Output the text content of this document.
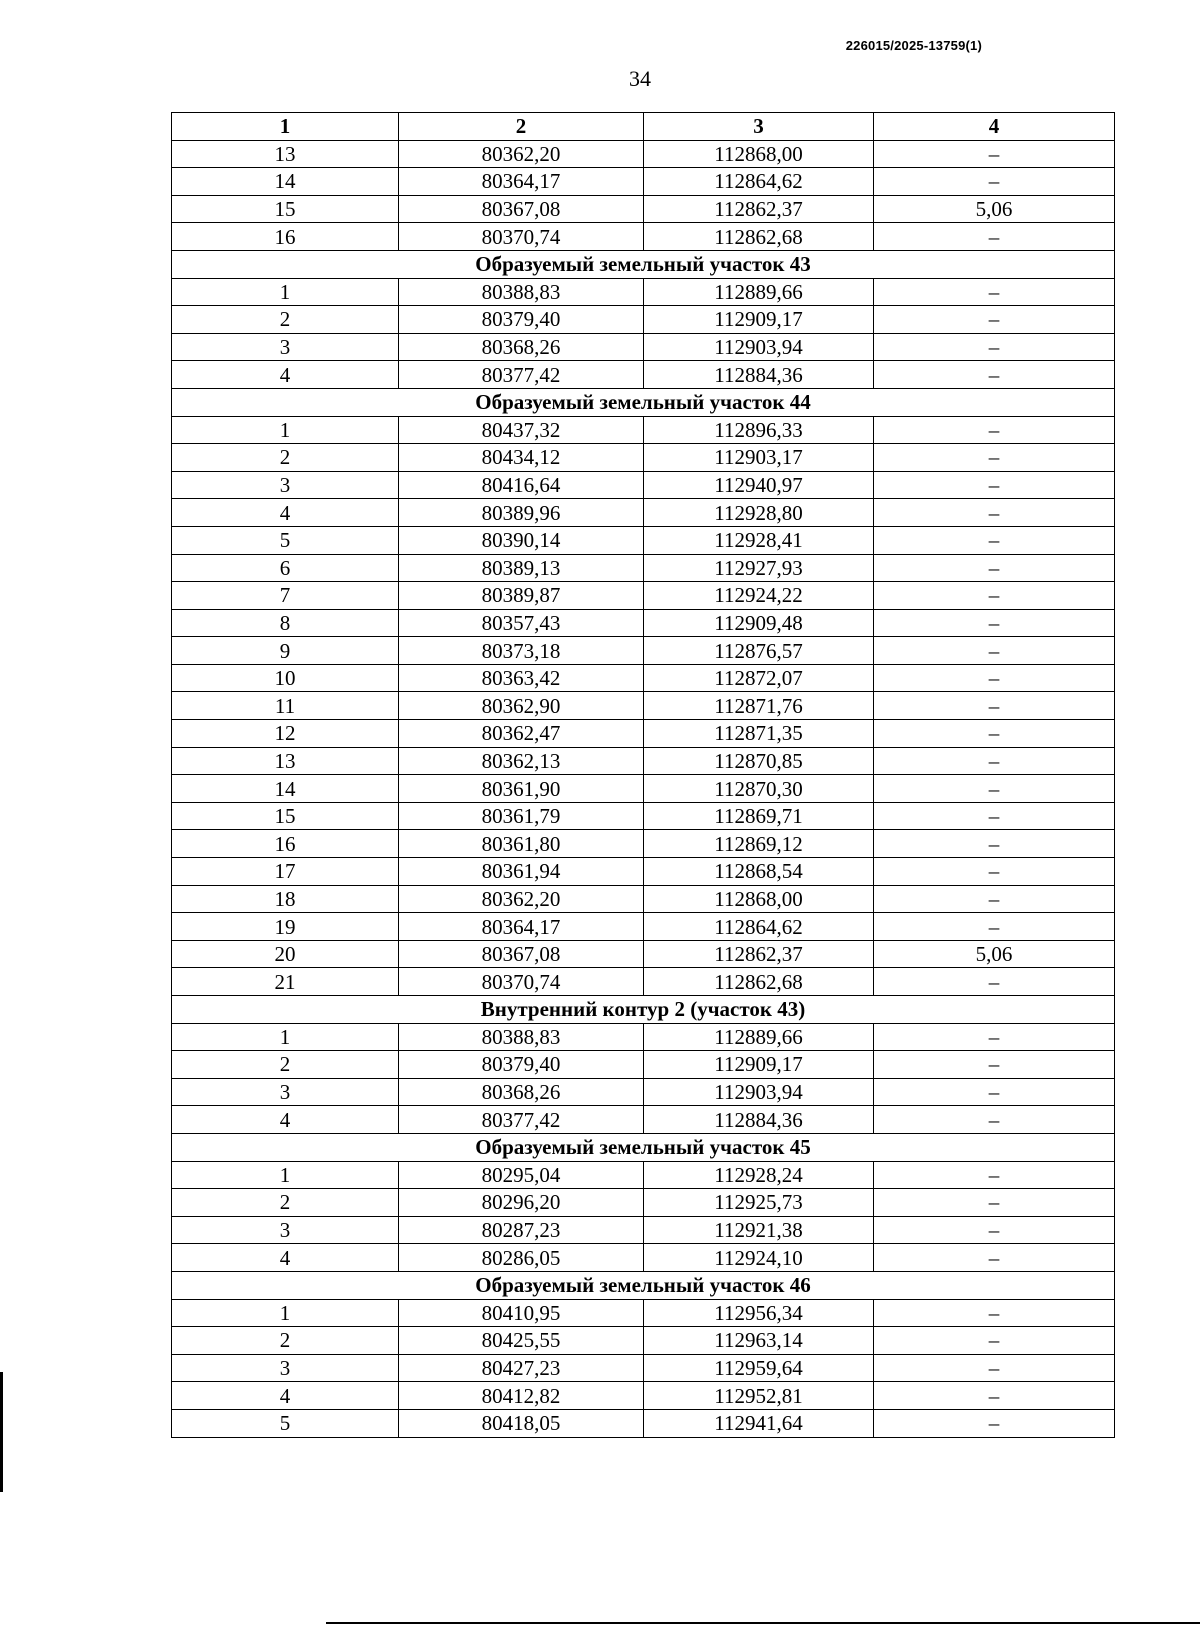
226015/2025-13759(1)
34
1	2	3	4
13	80362,20	112868,00	–
14	80364,17	112864,62	–
15	80367,08	112862,37	5,06
16	80370,74	112862,68	–
Образуемый земельный участок 43			
1	80388,83	112889,66	–
2	80379,40	112909,17	–
3	80368,26	112903,94	–
4	80377,42	112884,36	–
Образуемый земельный участок 44			
1	80437,32	112896,33	–
2	80434,12	112903,17	–
3	80416,64	112940,97	–
4	80389,96	112928,80	–
5	80390,14	112928,41	–
6	80389,13	112927,93	–
7	80389,87	112924,22	–
8	80357,43	112909,48	–
9	80373,18	112876,57	–
10	80363,42	112872,07	–
11	80362,90	112871,76	–
12	80362,47	112871,35	–
13	80362,13	112870,85	–
14	80361,90	112870,30	–
15	80361,79	112869,71	–
16	80361,80	112869,12	–
17	80361,94	112868,54	–
18	80362,20	112868,00	–
19	80364,17	112864,62	–
20	80367,08	112862,37	5,06
21	80370,74	112862,68	–
Внутренний контур 2 (участок 43)			
1	80388,83	112889,66	–
2	80379,40	112909,17	–
3	80368,26	112903,94	–
4	80377,42	112884,36	–
Образуемый земельный участок 45			
1	80295,04	112928,24	–
2	80296,20	112925,73	–
3	80287,23	112921,38	–
4	80286,05	112924,10	–
Образуемый земельный участок 46			
1	80410,95	112956,34	–
2	80425,55	112963,14	–
3	80427,23	112959,64	–
4	80412,82	112952,81	–
5	80418,05	112941,64	–
